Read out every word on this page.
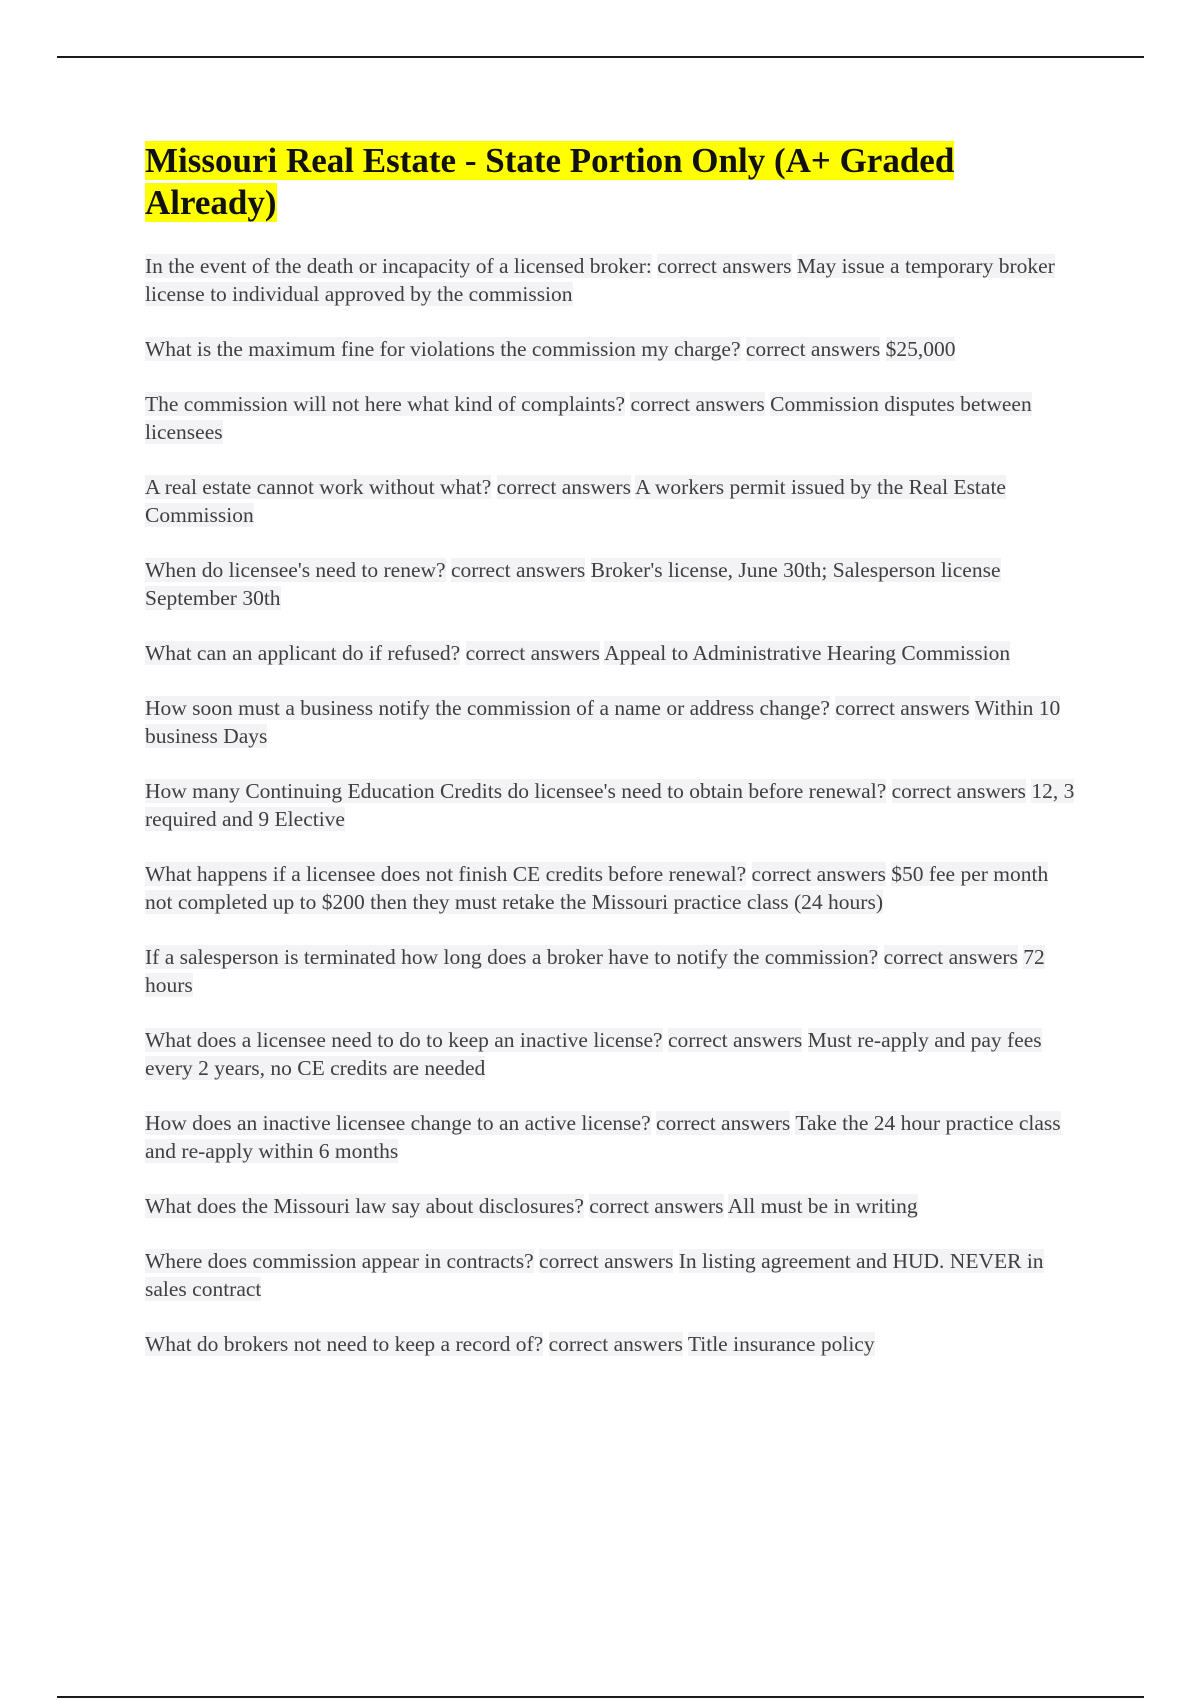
Missouri Real Estate - State Portion Only (A+ Graded Already)
In the event of the death or incapacity of a licensed broker: correct answers May issue a temporary broker license to individual approved by the commission
What is the maximum fine for violations the commission my charge? correct answers $25,000
The commission will not here what kind of complaints? correct answers Commission disputes between licensees
A real estate cannot work without what? correct answers A workers permit issued by the Real Estate Commission
When do licensee's need to renew? correct answers Broker's license, June 30th; Salesperson license September 30th
What can an applicant do if refused? correct answers Appeal to Administrative Hearing Commission
How soon must a business notify the commission of a name or address change? correct answers Within 10 business Days
How many Continuing Education Credits do licensee's need to obtain before renewal? correct answers 12, 3 required and 9 Elective
What happens if a licensee does not finish CE credits before renewal? correct answers $50 fee per month not completed up to $200 then they must retake the Missouri practice class (24 hours)
If a salesperson is terminated how long does a broker have to notify the commission? correct answers 72 hours
What does a licensee need to do to keep an inactive license? correct answers Must re-apply and pay fees every 2 years, no CE credits are needed
How does an inactive licensee change to an active license? correct answers Take the 24 hour practice class and re-apply within 6 months
What does the Missouri law say about disclosures? correct answers All must be in writing
Where does commission appear in contracts? correct answers In listing agreement and HUD. NEVER in sales contract
What do brokers not need to keep a record of? correct answers Title insurance policy
